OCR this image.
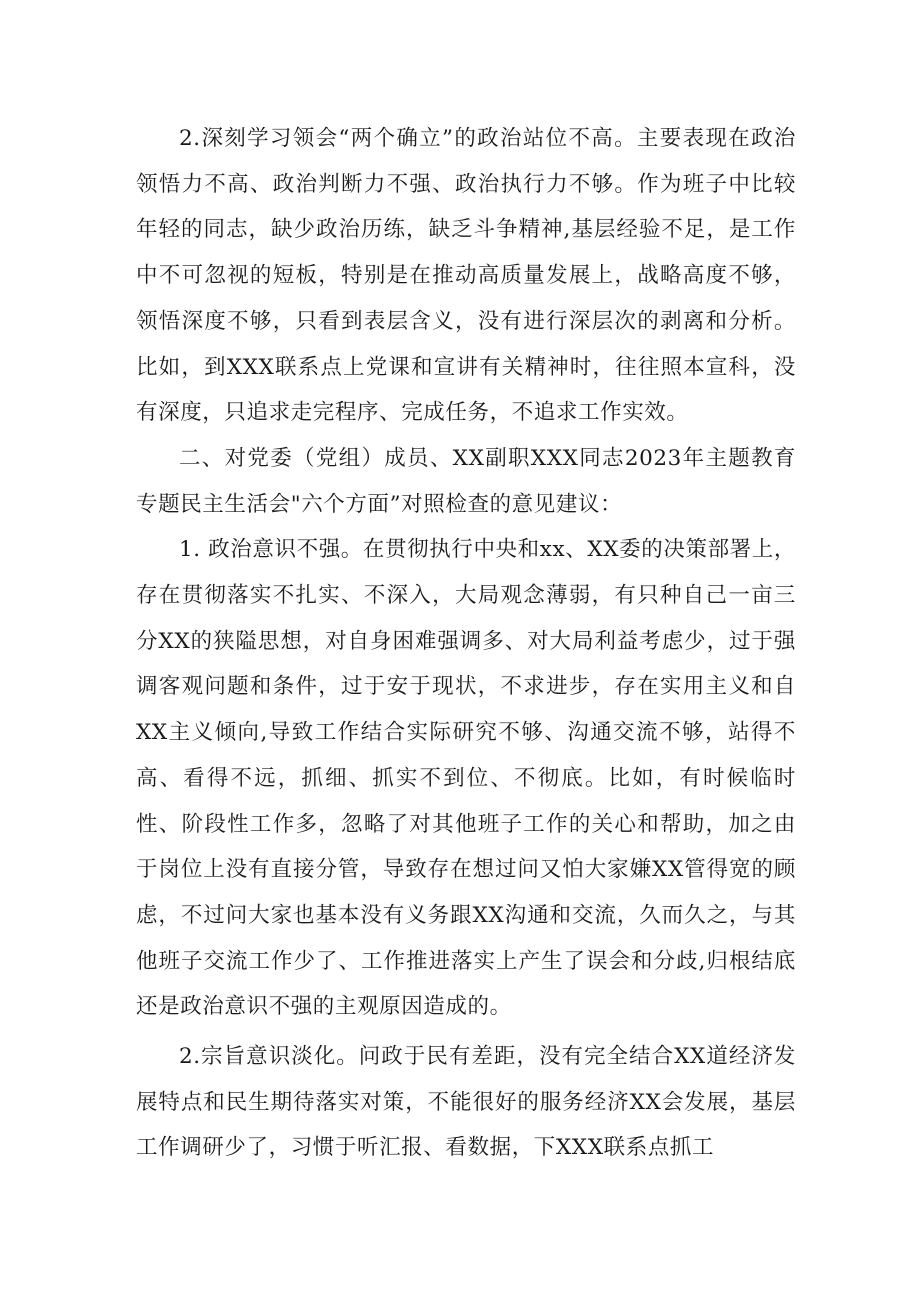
2.深刻学习领会“两个确立”的政治站位不高。主要表现在政治领悟力不高、政治判断力不强、政治执行力不够。作为班子中比较年轻的同志，缺少政治历练，缺乏斗争精神,基层经验不足，是工作中不可忽视的短板，特别是在推动高质量发展上，战略高度不够，领悟深度不够，只看到表层含义，没有进行深层次的剥离和分析。比如，到XXX联系点上党课和宣讲有关精神时，往往照本宣科，没有深度，只追求走完程序、完成任务，不追求工作实效。

二、对党委（党组）成员、XX副职XXX同志2023年主题教育专题民主生活会"六个方面”对照检查的意见建议：

1. 政治意识不强。在贯彻执行中央和xx、XX委的决策部署上，存在贯彻落实不扎实、不深入，大局观念薄弱，有只种自己一亩三分XX的狭隘思想，对自身困难强调多、对大局利益考虑少，过于强调客观问题和条件，过于安于现状，不求进步，存在实用主义和自XX主义倾向,导致工作结合实际研究不够、沟通交流不够，站得不高、看得不远，抓细、抓实不到位、不彻底。比如，有时候临时性、阶段性工作多，忽略了对其他班子工作的关心和帮助，加之由于岗位上没有直接分管，导致存在想过问又怕大家嫌XX管得宽的顾虑，不过问大家也基本没有义务跟XX沟通和交流，久而久之，与其他班子交流工作少了、工作推进落实上产生了误会和分歧,归根结底还是政治意识不强的主观原因造成的。

2.宗旨意识淡化。问政于民有差距，没有完全结合XX道经济发展特点和民生期待落实对策，不能很好的服务经济XX会发展，基层工作调研少了，习惯于听汇报、看数据，下XXX联系点抓工
